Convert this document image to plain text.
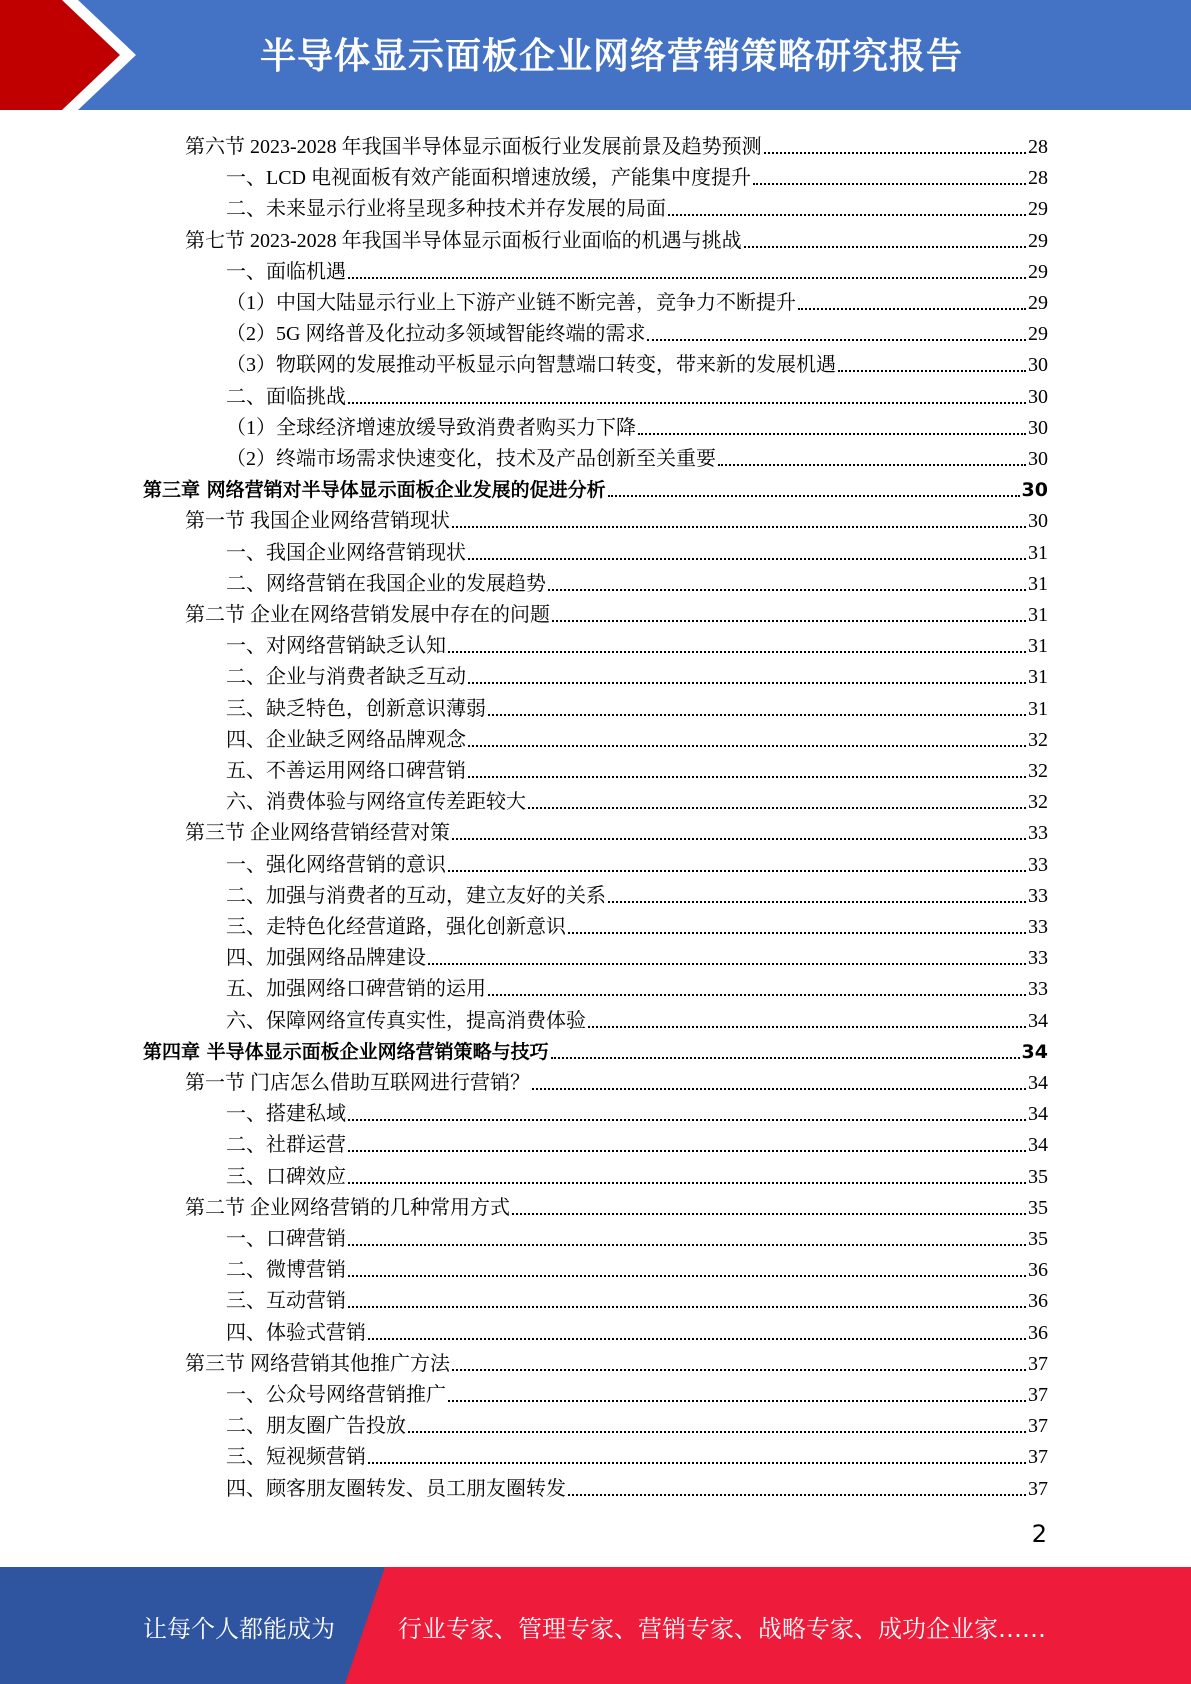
半导体显示面板企业网络营销策略研究报告
第六节 2023-2028 年我国半导体显示面板行业发展前景及趋势预测	28
一、LCD 电视面板有效产能面积增速放缓，产能集中度提升	28
二、未来显示行业将呈现多种技术并存发展的局面	29
第七节 2023-2028 年我国半导体显示面板行业面临的机遇与挑战	29
一、面临机遇	29
（1）中国大陆显示行业上下游产业链不断完善，竞争力不断提升	29
（2）5G 网络普及化拉动多领域智能终端的需求	29
（3）物联网的发展推动平板显示向智慧端口转变，带来新的发展机遇	30
二、面临挑战	30
（1）全球经济增速放缓导致消费者购买力下降	30
（2）终端市场需求快速变化，技术及产品创新至关重要	30
第三章 网络营销对半导体显示面板企业发展的促进分析	30
第一节 我国企业网络营销现状	30
一、我国企业网络营销现状	31
二、网络营销在我国企业的发展趋势	31
第二节 企业在网络营销发展中存在的问题	31
一、对网络营销缺乏认知	31
二、企业与消费者缺乏互动	31
三、缺乏特色，创新意识薄弱	31
四、企业缺乏网络品牌观念	32
五、不善运用网络口碑营销	32
六、消费体验与网络宣传差距较大	32
第三节 企业网络营销经营对策	33
一、强化网络营销的意识	33
二、加强与消费者的互动，建立友好的关系	33
三、走特色化经营道路，强化创新意识	33
四、加强网络品牌建设	33
五、加强网络口碑营销的运用	33
六、保障网络宣传真实性，提高消费体验	34
第四章 半导体显示面板企业网络营销策略与技巧	34
第一节 门店怎么借助互联网进行营销？	34
一、搭建私域	34
二、社群运营	34
三、口碑效应	35
第二节 企业网络营销的几种常用方式	35
一、口碑营销	35
二、微博营销	36
三、互动营销	36
四、体验式营销	36
第三节 网络营销其他推广方法	37
一、公众号网络营销推广	37
二、朋友圈广告投放	37
三、短视频营销	37
四、顾客朋友圈转发、员工朋友圈转发	37
2
让每个人都能成为	行业专家、管理专家、营销专家、战略专家、成功企业家……
